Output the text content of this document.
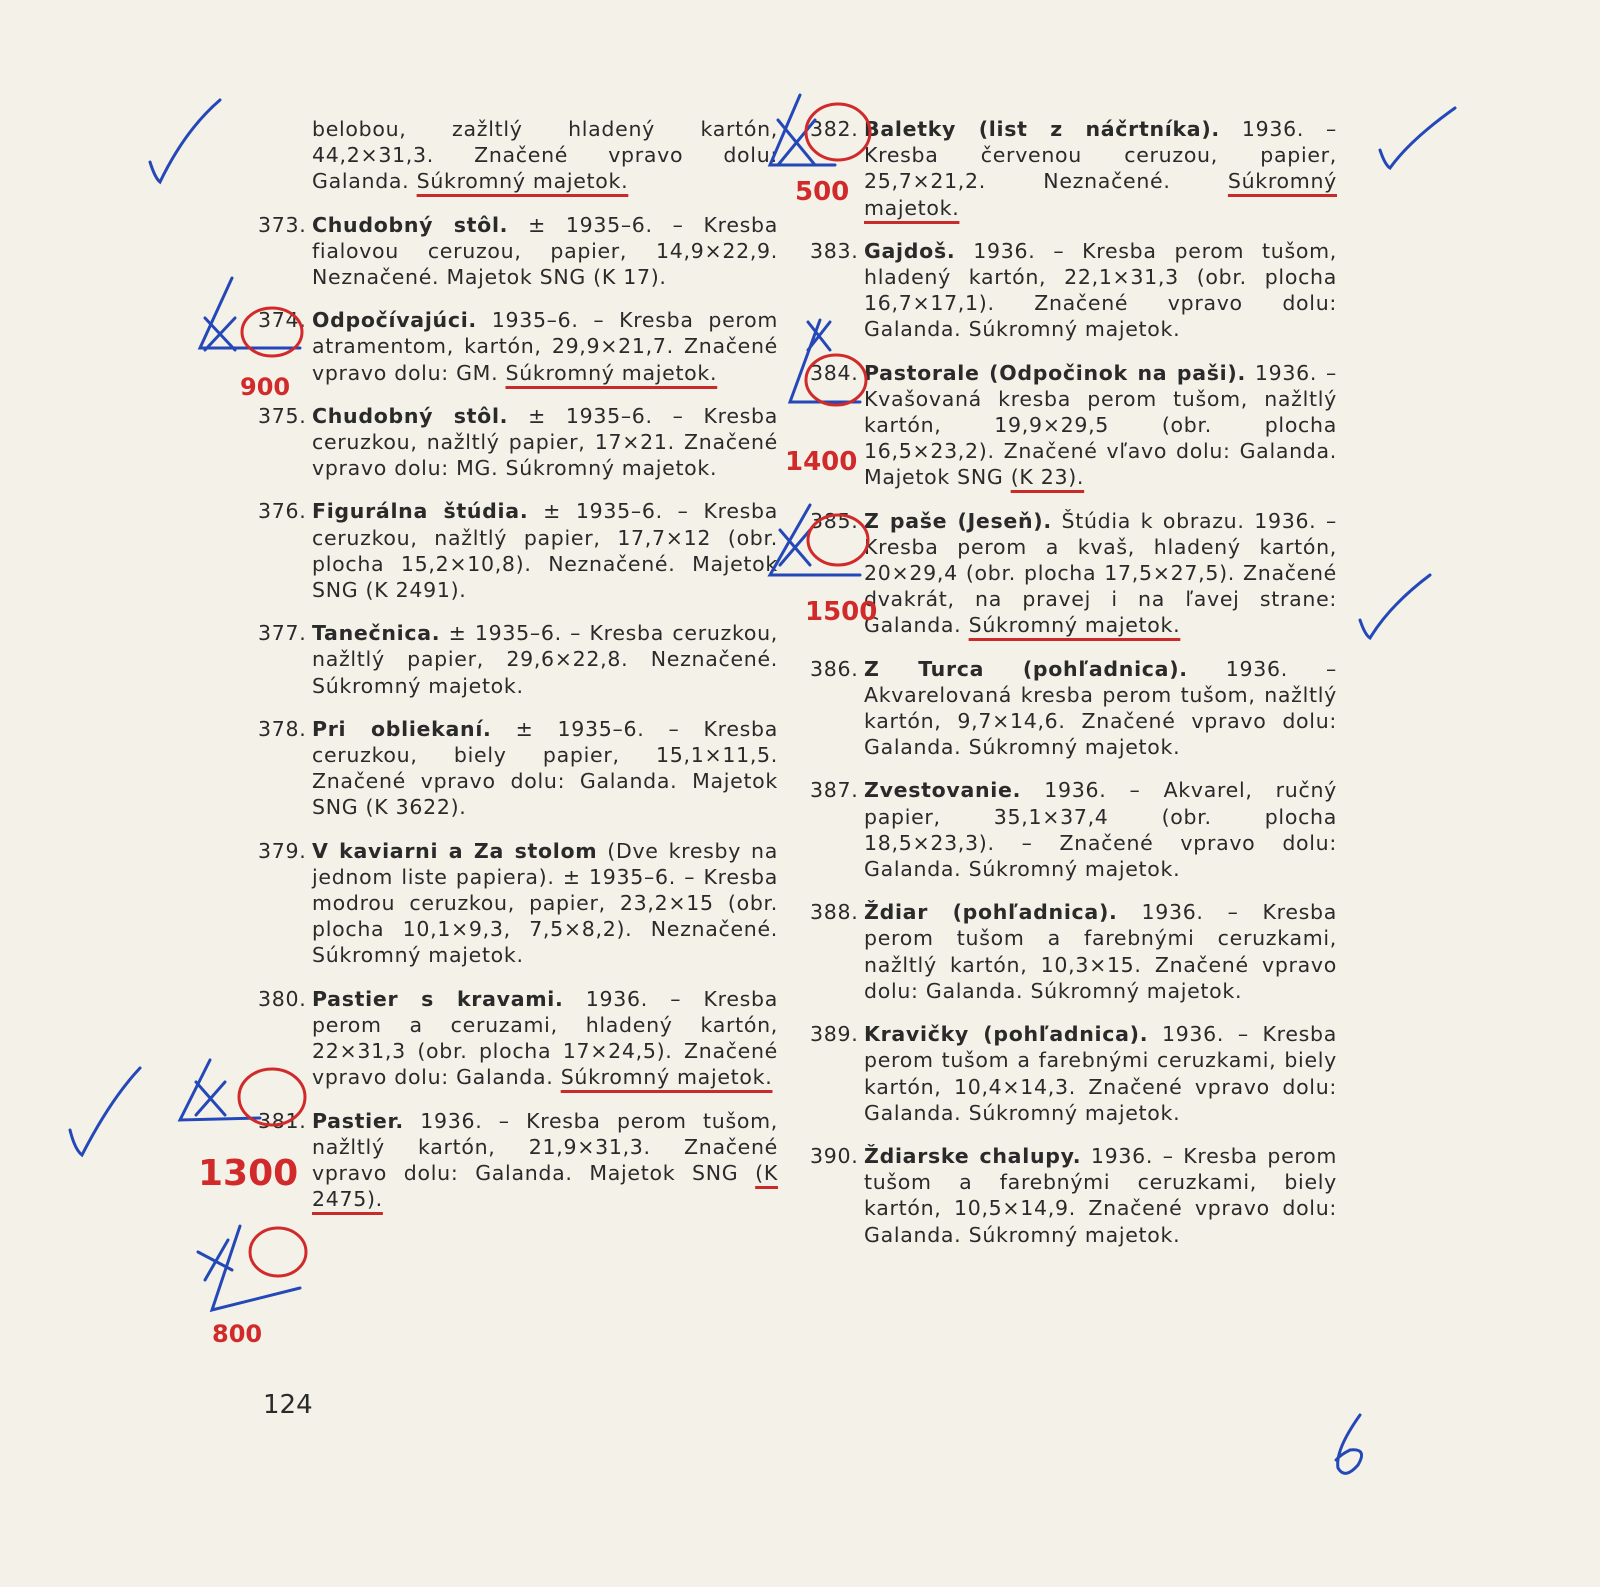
belobou, zažltlý hladený kartón, 44,2×31,3. Značené vpravo dolu: Galanda. Súkromný majetok.
373. Chudobný stôl. ± 1935–6. – Kresba fialovou ceruzou, papier, 14,9×22,9. Neznačené. Majetok SNG (K 17).
374. Odpočívajúci. 1935–6. – Kresba perom atramentom, kartón, 29,9×21,7. Značené vpravo dolu: GM. Súkromný majetok.
375. Chudobný stôl. ± 1935–6. – Kresba ceruzkou, nažltlý papier, 17×21. Značené vpravo dolu: MG. Súkromný majetok.
376. Figurálna štúdia. ± 1935–6. – Kresba ceruzkou, nažltlý papier, 17,7×12 (obr. plocha 15,2×10,8). Neznačené. Majetok SNG (K 2491).
377. Tanečnica. ± 1935–6. – Kresba ceruzkou, nažltlý papier, 29,6×22,8. Neznačené. Súkromný majetok.
378. Pri obliekaní. ± 1935–6. – Kresba ceruzkou, biely papier, 15,1×11,5. Značené vpravo dolu: Galanda. Majetok SNG (K 3622).
379. V kaviarni a Za stolom (Dve kresby na jednom liste papiera). ± 1935–6. – Kresba modrou ceruzkou, papier, 23,2×15 (obr. plocha 10,1×9,3, 7,5×8,2). Neznačené. Súkromný majetok.
380. Pastier s kravami. 1936. – Kresba perom a ceruzami, hladený kartón, 22×31,3 (obr. plocha 17×24,5). Značené vpravo dolu: Galanda. Súkromný majetok.
381. Pastier. 1936. – Kresba perom tušom, nažltlý kartón, 21,9×31,3. Značené vpravo dolu: Galanda. Majetok SNG (K 2475).
382. Baletky (list z náčrtníka). 1936. – Kresba červenou ceruzou, papier, 25,7×21,2. Neznačené. Súkromný majetok.
383. Gajdoš. 1936. – Kresba perom tušom, hladený kartón, 22,1×31,3 (obr. plocha 16,7×17,1). Značené vpravo dolu: Galanda. Súkromný majetok.
384. Pastorale (Odpočinok na paši). 1936. – Kvašovaná kresba perom tušom, nažltlý kartón, 19,9×29,5 (obr. plocha 16,5×23,2). Značené vľavo dolu: Galanda. Majetok SNG (K 23).
385. Z paše (Jeseň). Štúdia k obrazu. 1936. – Kresba perom a kvaš, hladený kartón, 20×29,4 (obr. plocha 17,5×27,5). Značené dvakrát, na pravej i na ľavej strane: Galanda. Súkromný majetok.
386. Z Turca (pohľadnica). 1936. – Akvarelovaná kresba perom tušom, nažltlý kartón, 9,7×14,6. Značené vpravo dolu: Galanda. Súkromný majetok.
387. Zvestovanie. 1936. – Akvarel, ručný papier, 35,1×37,4 (obr. plocha 18,5×23,3). – Značené vpravo dolu: Galanda. Súkromný majetok.
388. Ždiar (pohľadnica). 1936. – Kresba perom tušom a farebnými ceruzkami, nažltlý kartón, 10,3×15. Značené vpravo dolu: Galanda. Súkromný majetok.
389. Kravičky (pohľadnica). 1936. – Kresba perom tušom a farebnými ceruzkami, biely kartón, 10,4×14,3. Značené vpravo dolu: Galanda. Súkromný majetok.
390. Ždiarske chalupy. 1936. – Kresba perom tušom a farebnými ceruzkami, biely kartón, 10,5×14,9. Značené vpravo dolu: Galanda. Súkromný majetok.
124
500
900
1400
1500
1300
800
